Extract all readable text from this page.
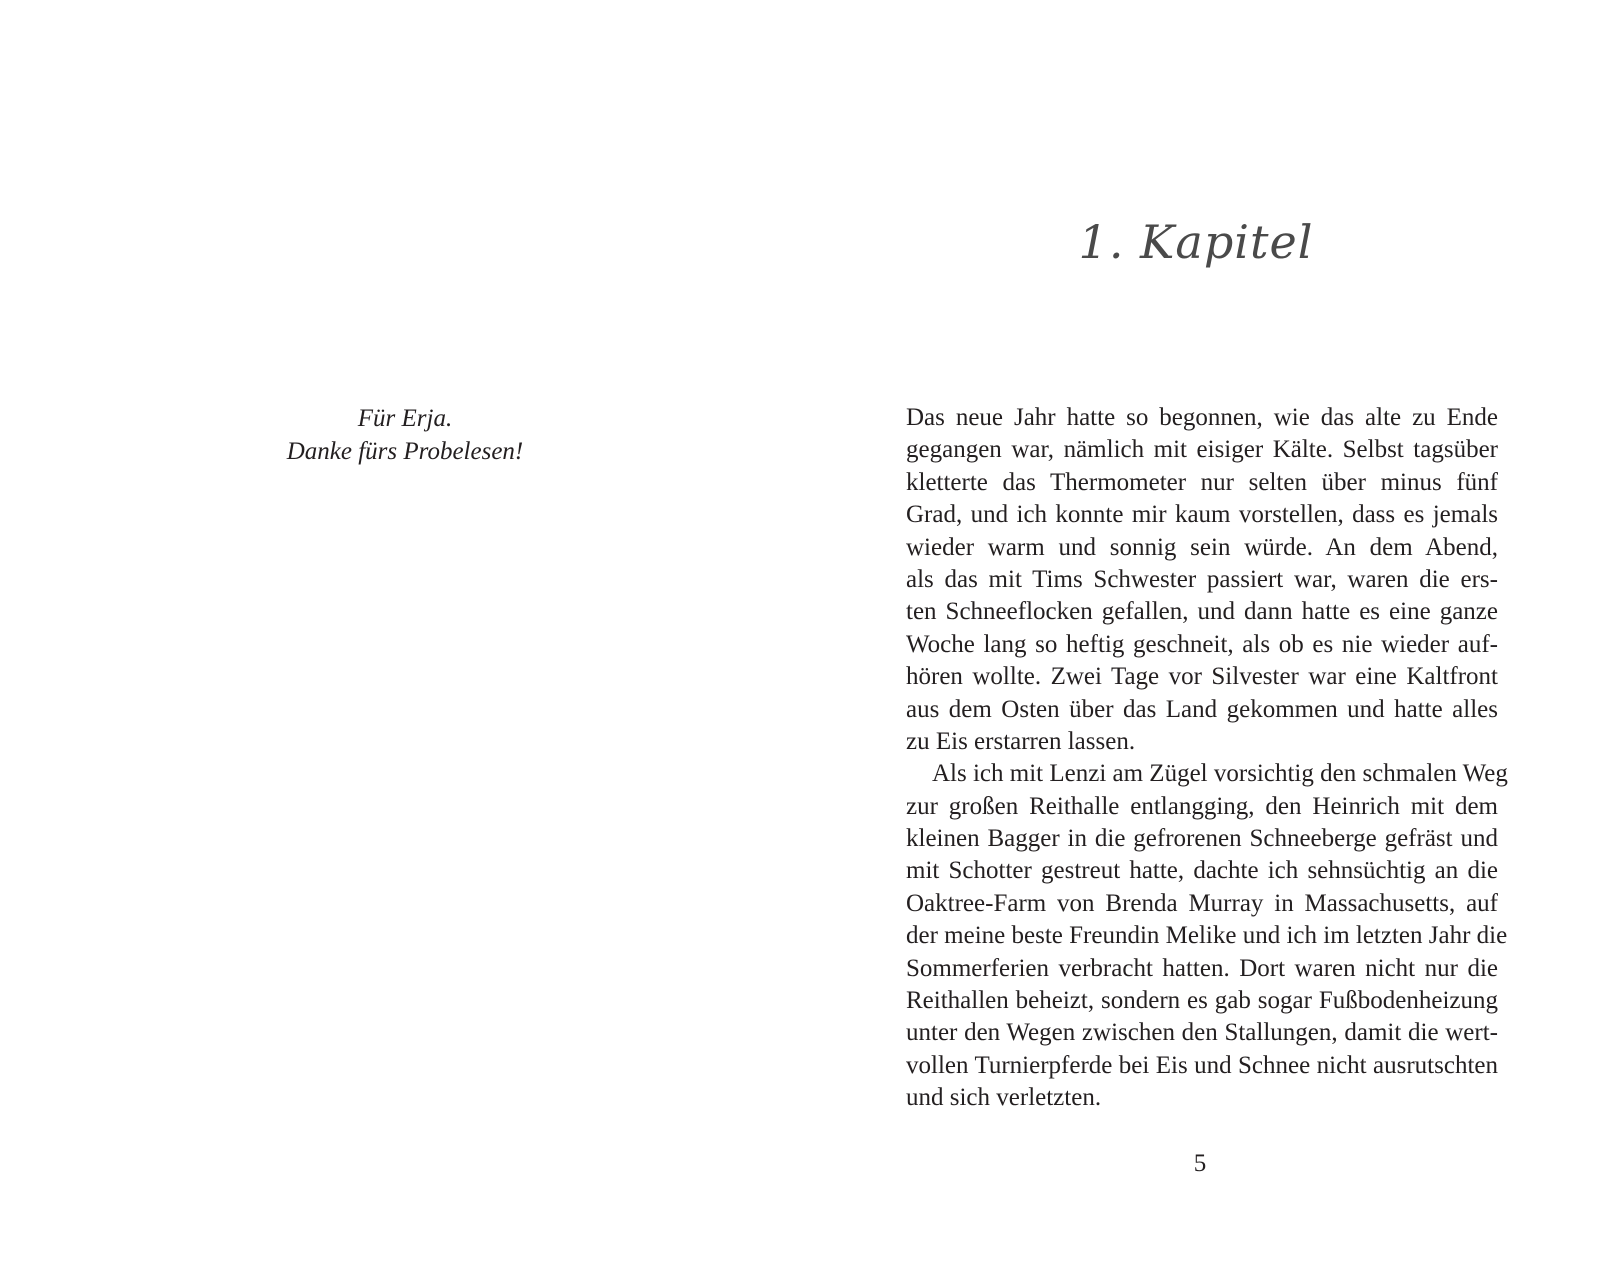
Für Erja.
Danke fürs Probelesen!
1. Kapitel
Das neue Jahr hatte so begonnen, wie das alte zu Ende
gegangen war, nämlich mit eisiger Kälte. Selbst tagsüber
kletterte das Thermometer nur selten über minus fünf
Grad, und ich konnte mir kaum vorstellen, dass es jemals
wieder warm und sonnig sein würde. An dem Abend,
als das mit Tims Schwester passiert war, waren die ers-
ten Schneeflocken gefallen, und dann hatte es eine ganze
Woche lang so heftig geschneit, als ob es nie wieder auf-
hören wollte. Zwei Tage vor Silvester war eine Kaltfront
aus dem Osten über das Land gekommen und hatte alles
zu Eis erstarren lassen.
Als ich mit Lenzi am Zügel vorsichtig den schmalen Weg
zur großen Reithalle entlangging, den Heinrich mit dem
kleinen Bagger in die gefrorenen Schneeberge gefräst und
mit Schotter gestreut hatte, dachte ich sehnsüchtig an die
Oaktree-Farm von Brenda Murray in Massachusetts, auf
der meine beste Freundin Melike und ich im letzten Jahr die
Sommerferien verbracht hatten. Dort waren nicht nur die
Reithallen beheizt, sondern es gab sogar Fußbodenheizung
unter den Wegen zwischen den Stallungen, damit die wert-
vollen Turnierpferde bei Eis und Schnee nicht ausrutschten
und sich verletzten.
5
